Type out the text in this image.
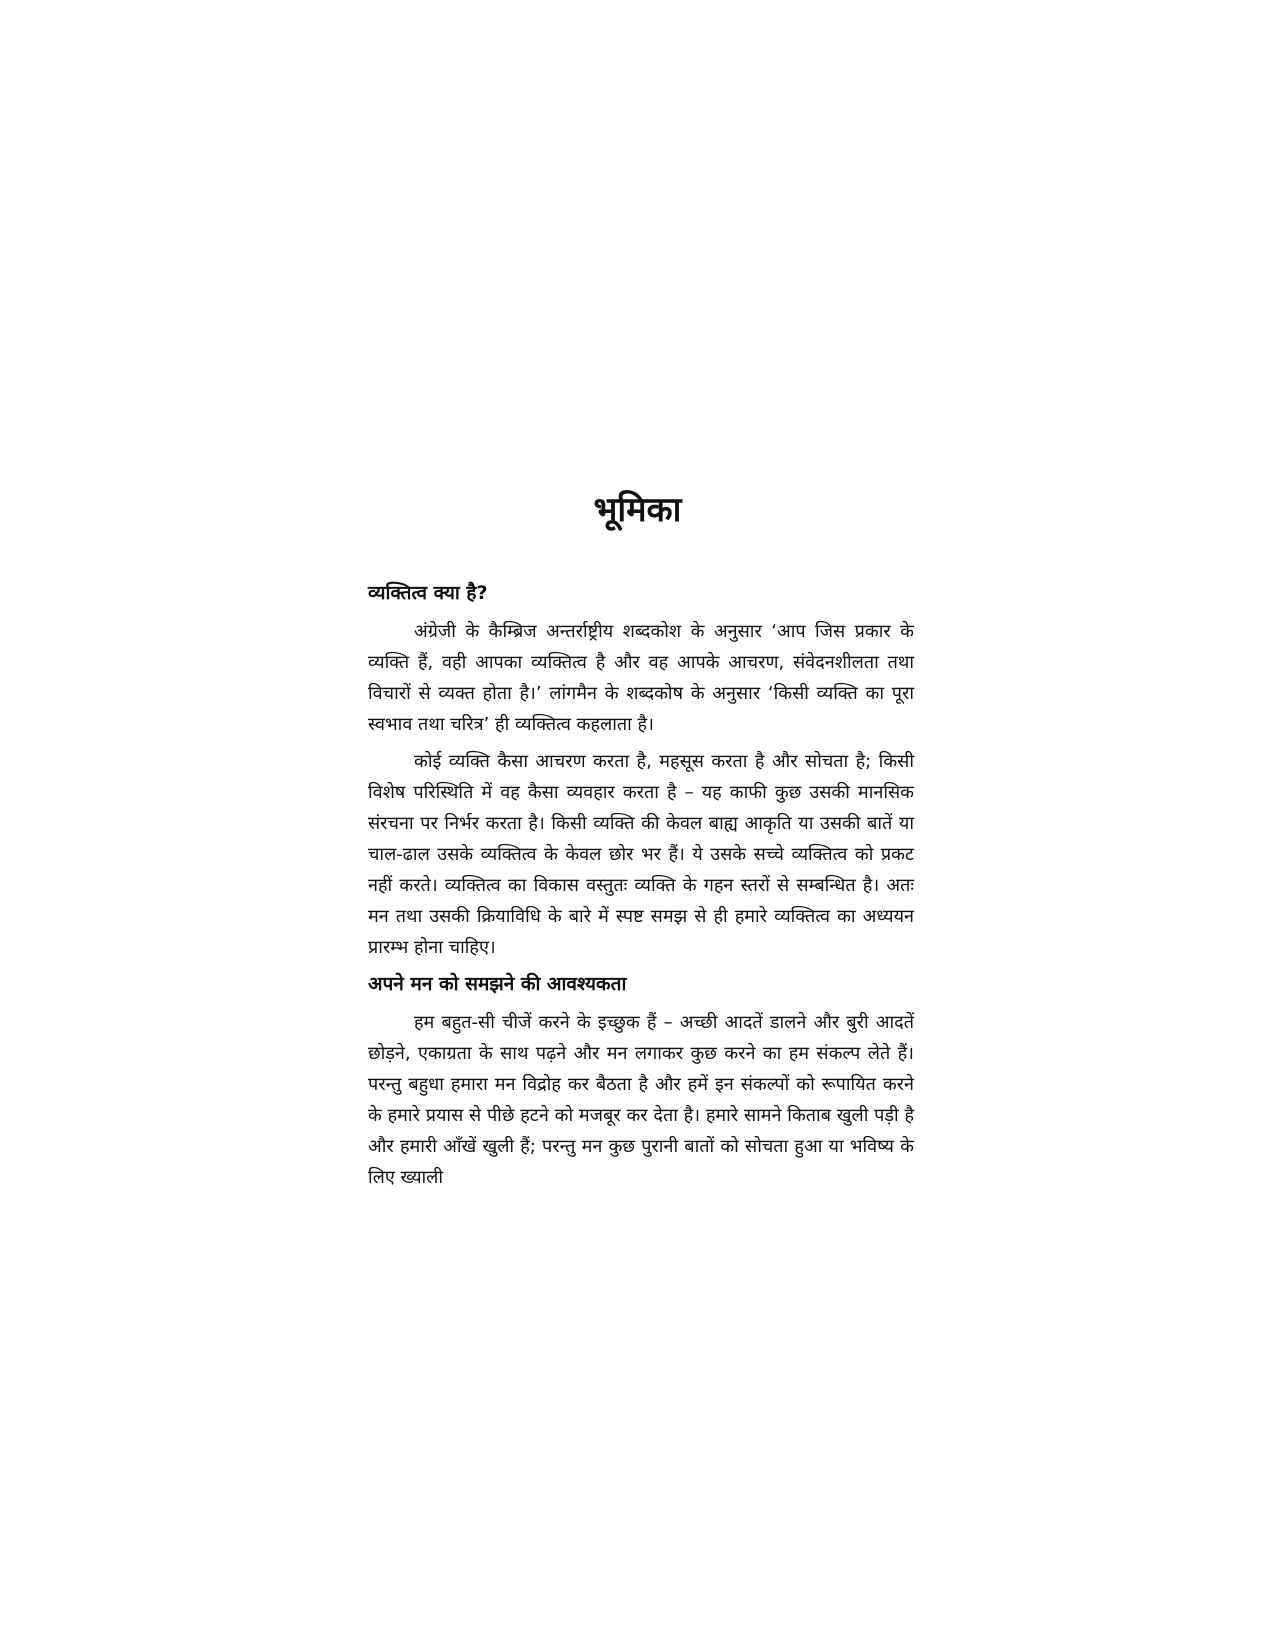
भूमिका
व्यक्तित्व क्या है?

अंग्रेजी के कैम्ब्रिज अन्तर्राष्ट्रीय शब्दकोश के अनुसार ‘आप जिस प्रकार के व्यक्ति हैं, वही आपका व्यक्तित्व है और वह आपके आचरण, संवेदनशीलता तथा विचारों से व्यक्त होता है।’ लांगमैन के शब्दकोष के अनुसार ‘किसी व्यक्ति का पूरा स्वभाव तथा चरित्र’ ही व्यक्तित्व कहलाता है।

कोई व्यक्ति कैसा आचरण करता है, महसूस करता है और सोचता है; किसी विशेष परिस्थिति में वह कैसा व्यवहार करता है – यह काफी कुछ उसकी मानसिक संरचना पर निर्भर करता है। किसी व्यक्ति की केवल बाह्य आकृति या उसकी बातें या चाल-ढाल उसके व्यक्तित्व के केवल छोर भर हैं। ये उसके सच्चे व्यक्तित्व को प्रकट नहीं करते। व्यक्तित्व का विकास वस्तुतः व्यक्ति के गहन स्तरों से सम्बन्धित है। अतः मन तथा उसकी क्रियाविधि के बारे में स्पष्ट समझ से ही हमारे व्यक्तित्व का अध्ययन प्रारम्भ होना चाहिए।

अपने मन को समझने की आवश्यकता

हम बहुत-सी चीजें करने के इच्छुक हैं – अच्छी आदतें डालने और बुरी आदतें छोड़ने, एकाग्रता के साथ पढ़ने और मन लगाकर कुछ करने का हम संकल्प लेते हैं। परन्तु बहुधा हमारा मन विद्रोह कर बैठता है और हमें इन संकल्पों को रूपायित करने के हमारे प्रयास से पीछे हटने को मजबूर कर देता है। हमारे सामने किताब खुली पड़ी है और हमारी आँखें खुली हैं; परन्तु मन कुछ पुरानी बातों को सोचता हुआ या भविष्य के लिए ख्याली
